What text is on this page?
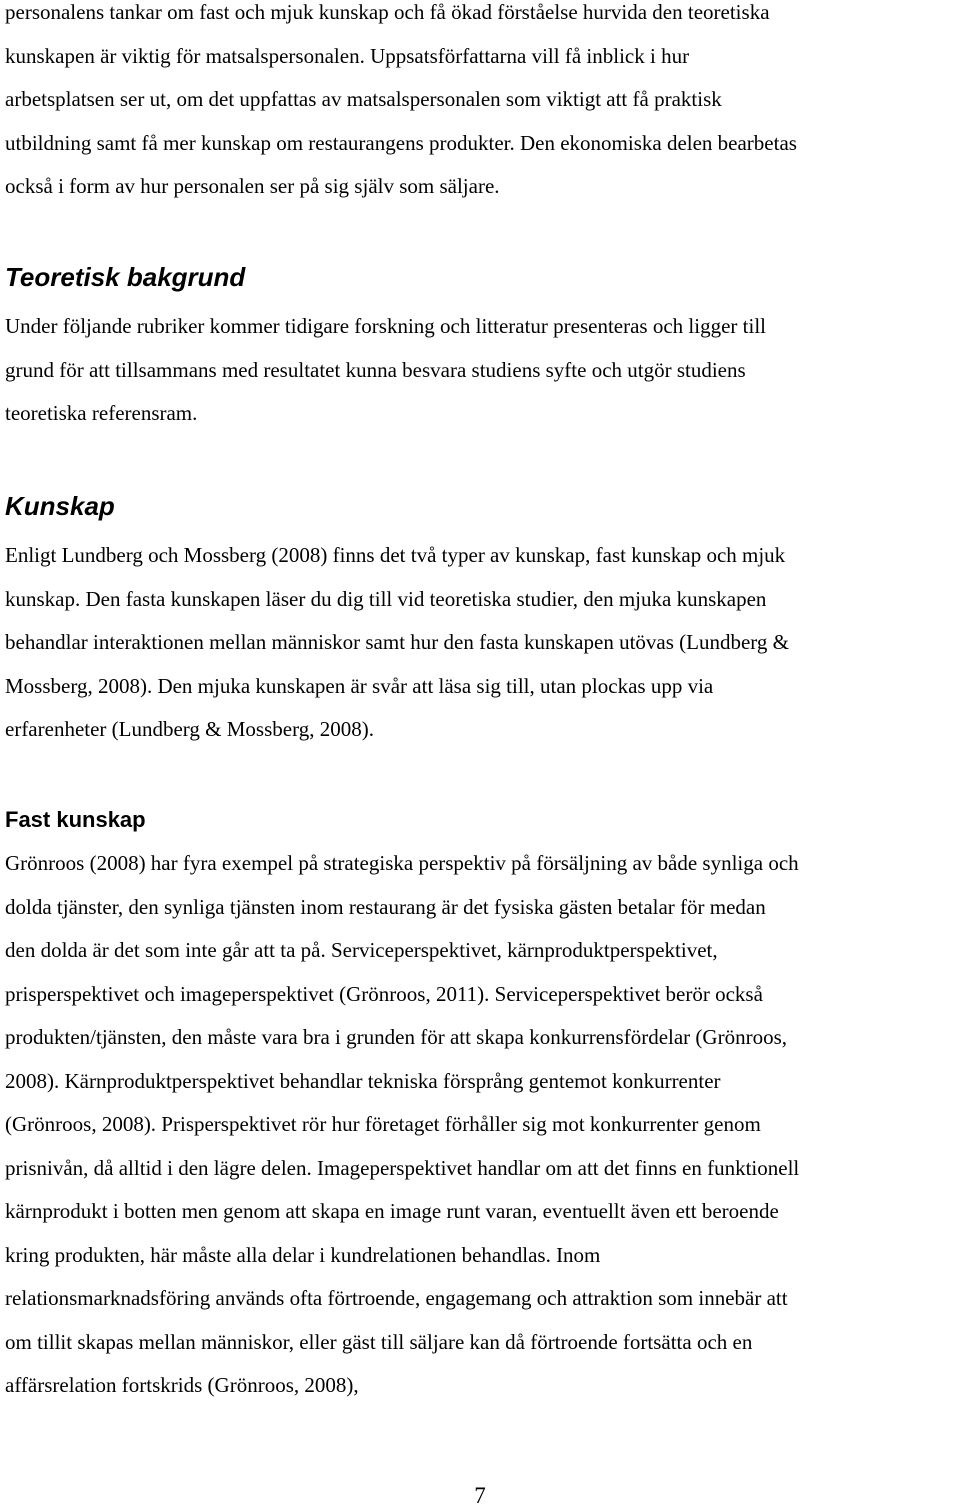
personalens tankar om fast och mjuk kunskap och få ökad förståelse hurvida den teoretiska
kunskapen är viktig för matsalspersonalen. Uppsatsförfattarna vill få inblick i hur
arbetsplatsen ser ut, om det uppfattas av matsalspersonalen som viktigt att få praktisk
utbildning samt få mer kunskap om restaurangens produkter. Den ekonomiska delen bearbetas
också i form av hur personalen ser på sig själv som säljare.
Teoretisk bakgrund
Under följande rubriker kommer tidigare forskning och litteratur presenteras och ligger till
grund för att tillsammans med resultatet kunna besvara studiens syfte och utgör studiens
teoretiska referensram.
Kunskap
Enligt Lundberg och Mossberg (2008) finns det två typer av kunskap, fast kunskap och mjuk
kunskap. Den fasta kunskapen läser du dig till vid teoretiska studier, den mjuka kunskapen
behandlar interaktionen mellan människor samt hur den fasta kunskapen utövas (Lundberg &
Mossberg, 2008). Den mjuka kunskapen är svår att läsa sig till, utan plockas upp via
erfarenheter (Lundberg & Mossberg, 2008).
Fast kunskap
Grönroos (2008) har fyra exempel på strategiska perspektiv på försäljning av både synliga och
dolda tjänster, den synliga tjänsten inom restaurang är det fysiska gästen betalar för medan
den dolda är det som inte går att ta på. Serviceperspektivet, kärnproduktperspektivet,
prisperspektivet och imageperspektivet (Grönroos, 2011). Serviceperspektivet berör också
produkten/tjänsten, den måste vara bra i grunden för att skapa konkurrensfördelar (Grönroos,
2008). Kärnproduktperspektivet behandlar tekniska försprång gentemot konkurrenter
(Grönroos, 2008). Prisperspektivet rör hur företaget förhåller sig mot konkurrenter genom
prisnivån, då alltid i den lägre delen. Imageperspektivet handlar om att det finns en funktionell
kärnprodukt i botten men genom att skapa en image runt varan, eventuellt även ett beroende
kring produkten, här måste alla delar i kundrelationen behandlas. Inom
relationsmarknadsföring används ofta förtroende, engagemang och attraktion som innebär att
om tillit skapas mellan människor, eller gäst till säljare kan då förtroende fortsätta och en
affärsrelation fortskrids (Grönroos, 2008),
7
